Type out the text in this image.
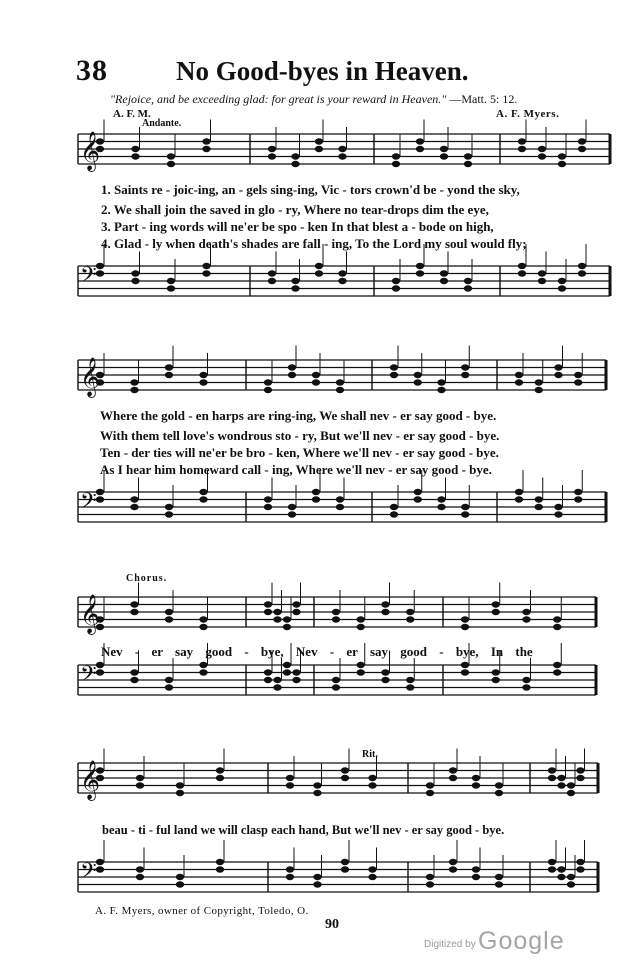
38	No Good-byes in Heaven.
"Rejoice, and be exceeding glad: for great is your reward in Heaven." —Matt. 5: 12.
A. F. M.	A. F. Myers.
Andante.
𝄞
𝄢
𝄞
𝄢
𝄞
𝄢
𝄞
𝄢
1. Saints re - joic-ing, an - gels sing-ing, Vic - tors crown'd be - yond the sky,
2. We shall join the saved in glo - ry, Where no tear-drops dim the eye,
3. Part - ing words will ne'er be spo - ken In that blest a - bode on high,
4. Glad - ly when death's shades are fall - ing, To the Lord my soul would fly;
Where the gold - en harps are ring-ing, We shall nev - er say good - bye.
With them tell love's wondrous sto - ry, But we'll nev - er say good - bye.
Ten - der ties will ne'er be bro - ken, Where we'll nev - er say good - bye.
As I hear him homeward call - ing, Where we'll nev - er say good - bye.
Chorus.
Nev - er say good - bye, Nev - er say good - bye, In the
Rit.
beau - ti - ful land we will clasp each hand, But we'll nev - er say good - bye.
A. F. Myers, owner of Copyright, Toledo, O.
90
Digitized by Google
